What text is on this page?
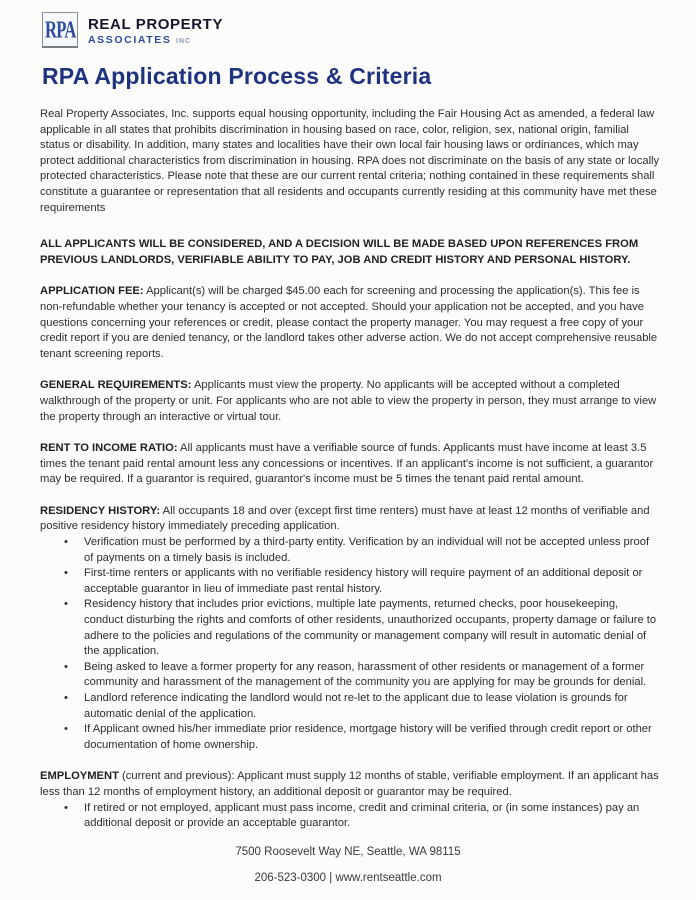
RPA REAL PROPERTY
ASSOCIATES INC
RPA Application Process & Criteria

Real Property Associates, Inc. supports equal housing opportunity, including the Fair Housing Act as amended, a federal law applicable in all states that prohibits discrimination in housing based on race, color, religion, sex, national origin, familial status or disability. In addition, many states and localities have their own local fair housing laws or ordinances, which may protect additional characteristics from discrimination in housing. RPA does not discriminate on the basis of any state or locally protected characteristics. Please note that these are our current rental criteria; nothing contained in these requirements shall constitute a guarantee or representation that all residents and occupants currently residing at this community have met these requirements

ALL APPLICANTS WILL BE CONSIDERED, AND A DECISION WILL BE MADE BASED UPON REFERENCES FROM PREVIOUS LANDLORDS, VERIFIABLE ABILITY TO PAY, JOB AND CREDIT HISTORY AND PERSONAL HISTORY.

APPLICATION FEE: Applicant(s) will be charged $45.00 each for screening and processing the application(s). This fee is non-refundable whether your tenancy is accepted or not accepted. Should your application not be accepted, and you have questions concerning your references or credit, please contact the property manager. You may request a free copy of your credit report if you are denied tenancy, or the landlord takes other adverse action. We do not accept comprehensive reusable tenant screening reports.

GENERAL REQUIREMENTS: Applicants must view the property. No applicants will be accepted without a completed walkthrough of the property or unit. For applicants who are not able to view the property in person, they must arrange to view the property through an interactive or virtual tour.

RENT TO INCOME RATIO: All applicants must have a verifiable source of funds. Applicants must have income at least 3.5 times the tenant paid rental amount less any concessions or incentives. If an applicant's income is not sufficient, a guarantor may be required. If a guarantor is required, guarantor's income must be 5 times the tenant paid rental amount.

RESIDENCY HISTORY: All occupants 18 and over (except first time renters) must have at least 12 months of verifiable and positive residency history immediately preceding application.

• Verification must be performed by a third-party entity. Verification by an individual will not be accepted unless proof of payments on a timely basis is included.
• First-time renters or applicants with no verifiable residency history will require payment of an additional deposit or acceptable guarantor in lieu of immediate past rental history.
• Residency history that includes prior evictions, multiple late payments, returned checks, poor housekeeping, conduct disturbing the rights and comforts of other residents, unauthorized occupants, property damage or failure to adhere to the policies and regulations of the community or management company will result in automatic denial of the application.
• Being asked to leave a former property for any reason, harassment of other residents or management of a former community and harassment of the management of the community you are applying for may be grounds for denial.
• Landlord reference indicating the landlord would not re-let to the applicant due to lease violation is grounds for automatic denial of the application.
• If Applicant owned his/her immediate prior residence, mortgage history will be verified through credit report or other documentation of home ownership.

EMPLOYMENT (current and previous): Applicant must supply 12 months of stable, verifiable employment. If an applicant has less than 12 months of employment history, an additional deposit or guarantor may be required.

• If retired or not employed, applicant must pass income, credit and criminal criteria, or (in some instances) pay an additional deposit or provide an acceptable guarantor.
7500 Roosevelt Way NE, Seattle, WA 98115
206-523-0300 | www.rentseattle.com
